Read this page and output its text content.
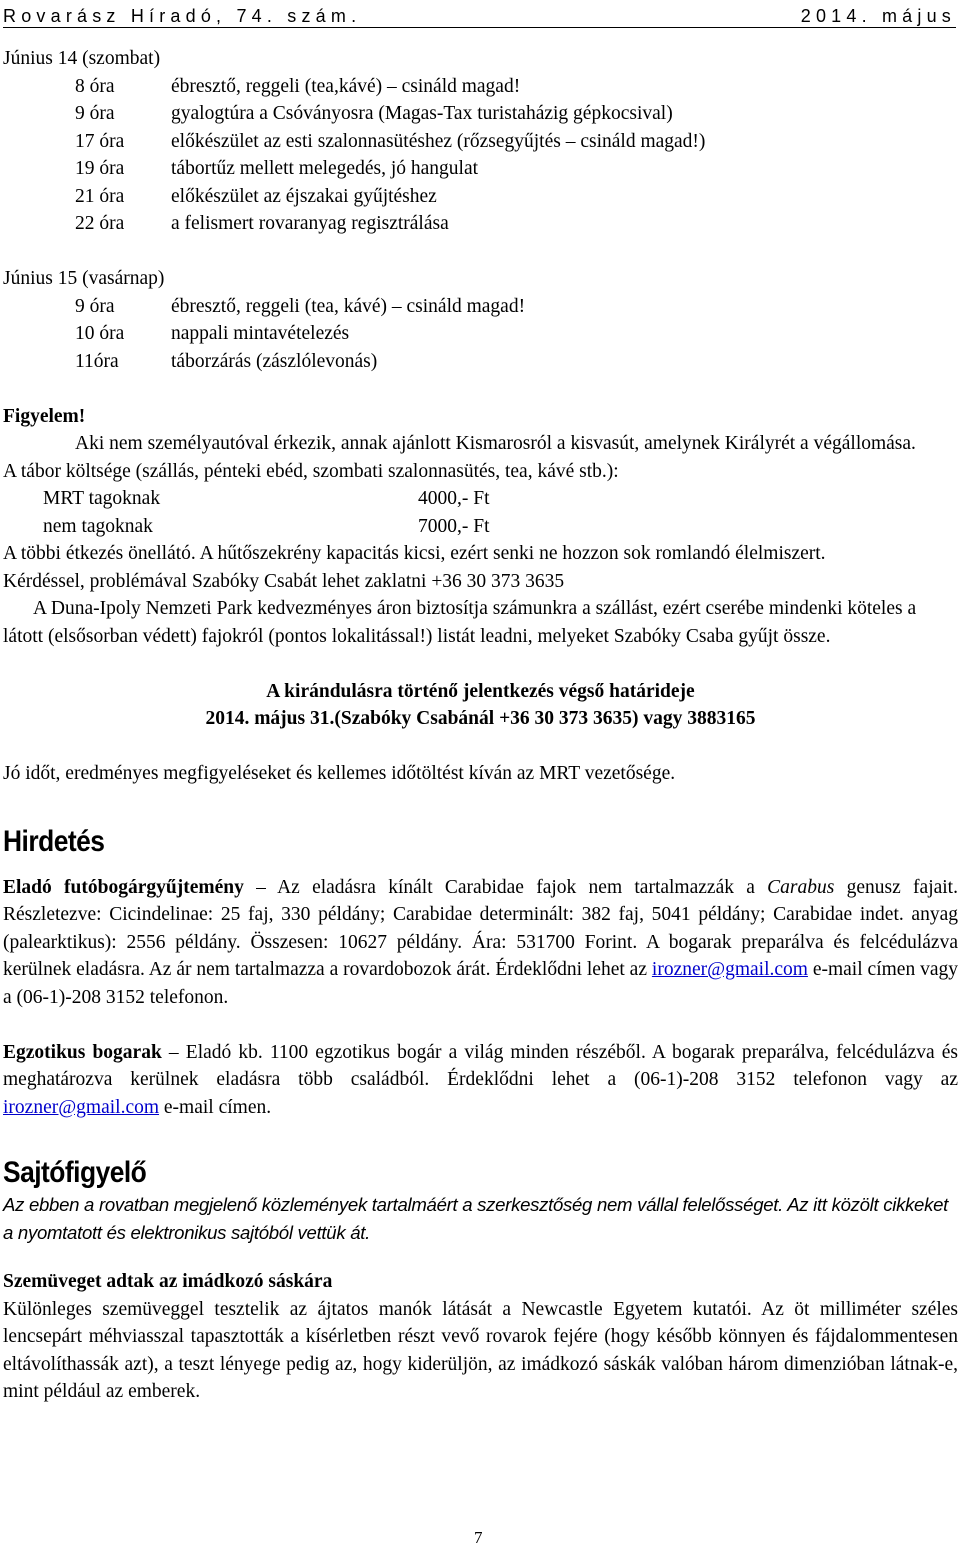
Rovarász Híradó, 74. szám.	2014. május
Június 14 (szombat)
8 óra	ébresztő, reggeli (tea,kávé) – csináld magad!
9 óra	gyalogtúra a Csóványosra (Magas-Tax turistaházig gépkocsival)
17 óra előkészület az esti szalonnasütéshez (rőzsegyűjtés – csináld magad!)
19 óra tábortűz mellett melegedés, jó hangulat
21 óra előkészület az éjszakai gyűjtéshez
22 óra a felismert rovaranyag regisztrálása
Június 15 (vasárnap)
9 óra	ébresztő, reggeli (tea, kávé) – csináld magad!
10 óra nappali mintavételezés
11óra	táborzárás (zászlólevonás)
Figyelem!

Aki nem személyautóval érkezik, annak ajánlott Kismarosról a kisvasút, amelynek Királyrét a végállomása.

A tábor költsége (szállás, pénteki ebéd, szombati szalonnasütés, tea, kávé stb.):

MRT tagoknak	4000,- Ft
nem tagoknak	7000,- Ft

A többi étkezés önellátó. A hűtőszekrény kapacitás kicsi, ezért senki ne hozzon sok romlandó élelmiszert.

Kérdéssel, problémával Szabóky Csabát lehet zaklatni +36 30 373 3635

A Duna-Ipoly Nemzeti Park kedvezményes áron biztosítja számunkra a szállást, ezért cserébe mindenki köteles a látott (elsősorban védett) fajokról (pontos lokalitással!) listát leadni, melyeket Szabóky Csaba gyűjt össze.

A kirándulásra történő jelentkezés végső határideje
2014. május 31.(Szabóky Csabánál +36 30 373 3635) vagy 3883165

Jó időt, eredményes megfigyeléseket és kellemes időtöltést kíván az MRT vezetősége.

Hirdetés

Eladó futóbogárgyűjtemény – Az eladásra kínált Carabidae fajok nem tartalmazzák a Carabus genusz fajait. Részletezve: Cicindelinae: 25 faj, 330 példány; Carabidae determinált: 382 faj, 5041 példány; Carabidae indet. anyag (palearktikus): 2556 példány. Összesen: 10627 példány. Ára: 531700 Forint. A bogarak preparálva és felcédulázva kerülnek eladásra. Az ár nem tartalmazza a rovardobozok árát. Érdeklődni lehet az irozner@gmail.com e-mail címen vagy a (06-1)-208 3152 telefonon.

Egzotikus bogarak – Eladó kb. 1100 egzotikus bogár a világ minden részéből. A bogarak preparálva, felcédulázva és meghatározva kerülnek eladásra több családból. Érdeklődni lehet a (06-1)-208 3152 telefonon vagy az irozner@gmail.com e-mail címen.

Sajtófigyelő
Az ebben a rovatban megjelenő közlemények tartalmáért a szerkesztőség nem vállal felelősséget. Az itt közölt cikkeket a nyomtatott és elektronikus sajtóból vettük át.
Szemüveget adtak az imádkozó sáskára

Különleges szemüveggel tesztelik az ájtatos manók látását a Newcastle Egyetem kutatói. Az öt milliméter széles lencsepárt méhviasszal tapasztották a kísérletben részt vevő rovarok fejére (hogy később könnyen és fájdalommentesen eltávolíthassák azt), a teszt lényege pedig az, hogy kiderüljön, az imádkozó sáskák valóban három dimenzióban látnak-e, mint például az emberek.

7
